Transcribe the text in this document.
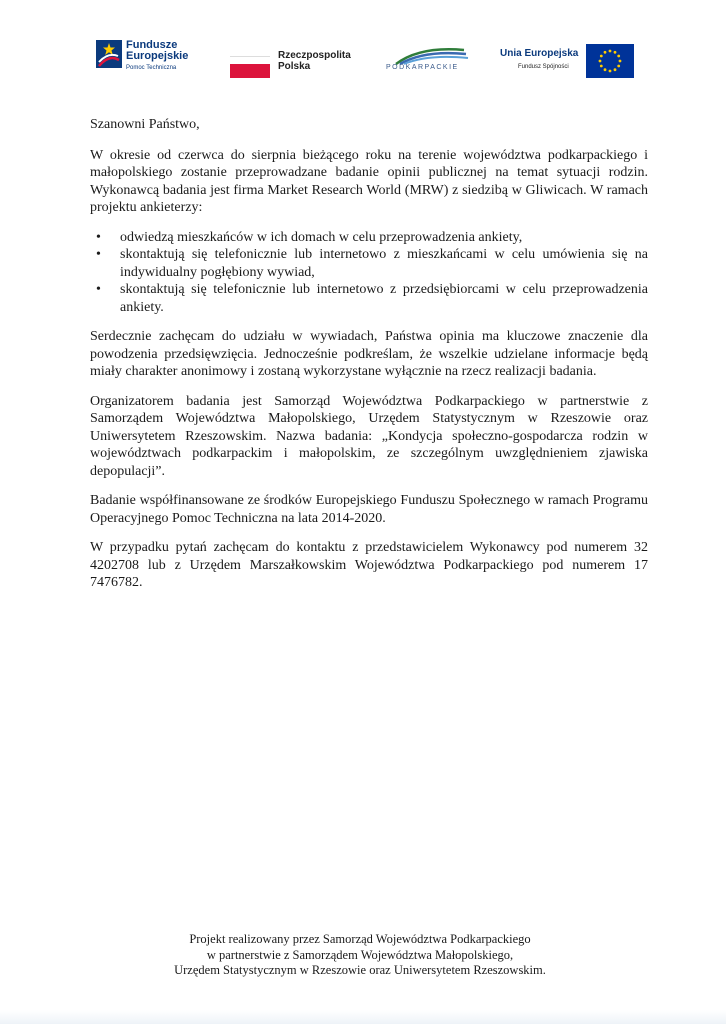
Fundusze
Europejskie
Pomoc Techniczna
Rzeczpospolita
Polska	PODKARPACKIE
Unia Europejska
Fundusz Spójności

Szanowni Państwo,

W okresie od czerwca do sierpnia bieżącego roku na terenie województwa podkarpackiego i małopolskiego zostanie przeprowadzane badanie opinii publicznej na temat sytuacji rodzin. Wykonawcą badania jest firma Market Research World (MRW) z siedzibą w Gliwicach. W ramach projektu ankieterzy:

• odwiedzą mieszkańców w ich domach w celu przeprowadzenia ankiety,
• skontaktują się telefonicznie lub internetowo z mieszkańcami w celu umówienia się na indywidualny pogłębiony wywiad,
• skontaktują się telefonicznie lub internetowo z przedsiębiorcami w celu przeprowadzenia ankiety.

Serdecznie zachęcam do udziału w wywiadach, Państwa opinia ma kluczowe znaczenie dla powodzenia przedsięwzięcia. Jednocześnie podkreślam, że wszelkie udzielane informacje będą miały charakter anonimowy i zostaną wykorzystane wyłącznie na rzecz realizacji badania.

Organizatorem badania jest Samorząd Województwa Podkarpackiego w partnerstwie z Samorządem Województwa Małopolskiego, Urzędem Statystycznym w Rzeszowie oraz Uniwersytetem Rzeszowskim. Nazwa badania: „Kondycja społeczno-gospodarcza rodzin w województwach podkarpackim i małopolskim, ze szczególnym uwzględnieniem zjawiska depopulacji”.

Badanie współfinansowane ze środków Europejskiego Funduszu Społecznego w ramach Programu Operacyjnego Pomoc Techniczna na lata 2014-2020.

W przypadku pytań zachęcam do kontaktu z przedstawicielem Wykonawcy pod numerem 32 4202708 lub z Urzędem Marszałkowskim Województwa Podkarpackiego pod numerem 17 7476782.

Projekt realizowany przez Samorząd Województwa Podkarpackiego
w partnerstwie z Samorządem Województwa Małopolskiego,
Urzędem Statystycznym w Rzeszowie oraz Uniwersytetem Rzeszowskim.
